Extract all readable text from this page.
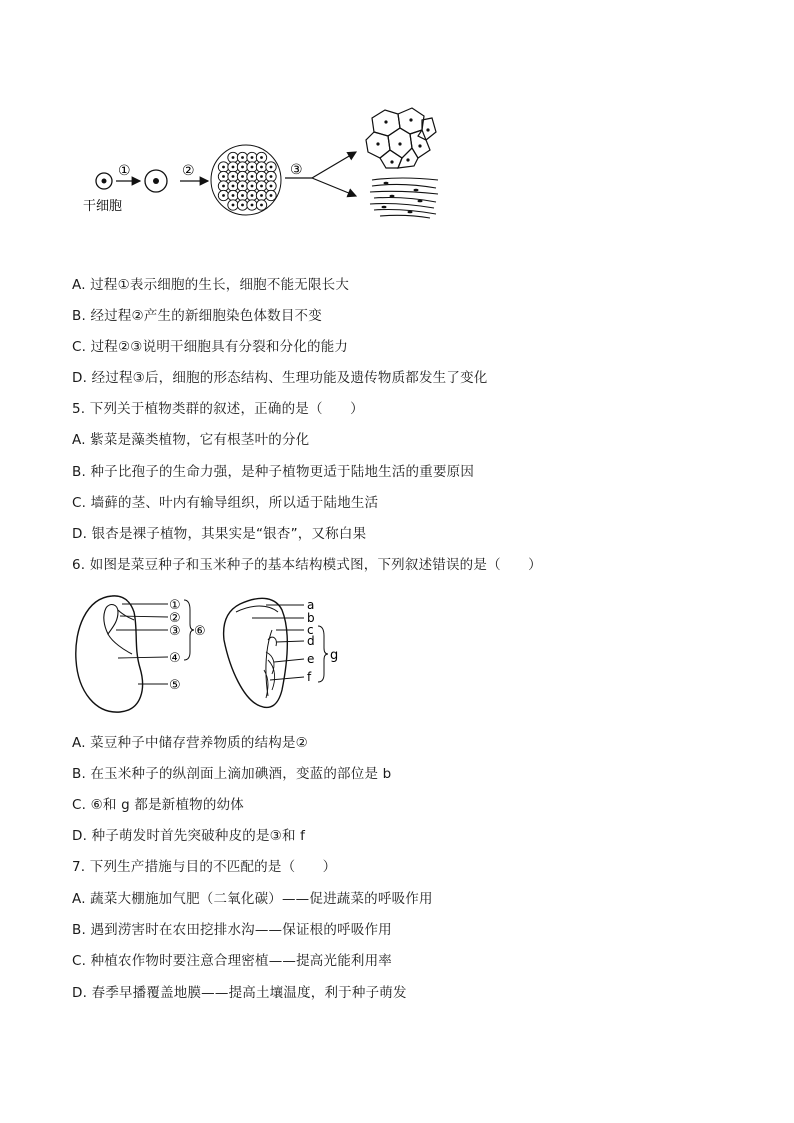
①	②	③
干细胞
A. 过程①表示细胞的生长，细胞不能无限长大
B. 经过程②产生的新细胞染色体数目不变
C. 过程②③说明干细胞具有分裂和分化的能力
D. 经过程③后，细胞的形态结构、生理功能及遗传物质都发生了变化
5. 下列关于植物类群的叙述，正确的是（　　）
A. 紫菜是藻类植物，它有根茎叶的分化
B. 种子比孢子的生命力强，是种子植物更适于陆地生活的重要原因
C. 墙藓的茎、叶内有输导组织，所以适于陆地生活
D. 银杏是裸子植物，其果实是“银杏”，又称白果
6. 如图是菜豆种子和玉米种子的基本结构模式图，下列叙述错误的是（　　）
①
②
③
④
⑤
⑥
a
b
c
d
e
f
g
A. 菜豆种子中储存营养物质的结构是②
B. 在玉米种子的纵剖面上滴加碘酒，变蓝的部位是 b
C. ⑥和 g 都是新植物的幼体
D. 种子萌发时首先突破种皮的是③和 f
7. 下列生产措施与目的不匹配的是（　　）
A. 蔬菜大棚施加气肥（二氧化碳）——促进蔬菜的呼吸作用
B. 遇到涝害时在农田挖排水沟——保证根的呼吸作用
C. 种植农作物时要注意合理密植——提高光能利用率
D. 春季早播覆盖地膜——提高土壤温度，利于种子萌发
